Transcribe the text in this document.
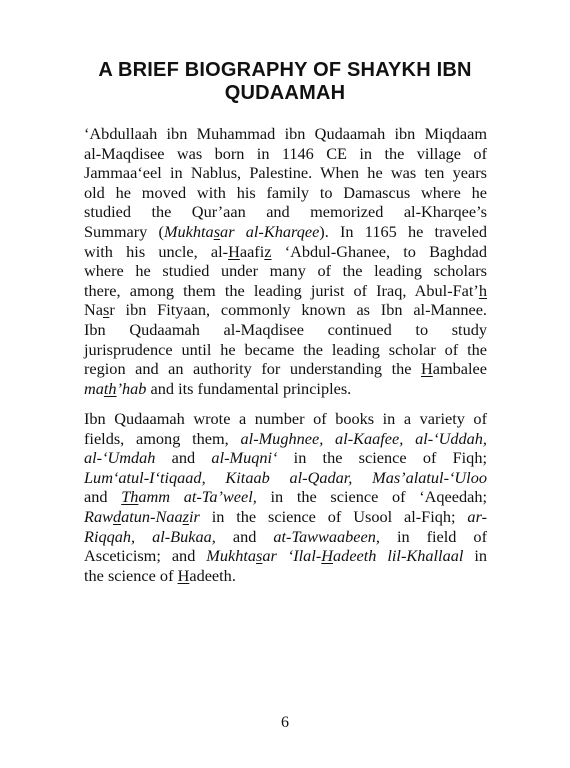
A BRIEF BIOGRAPHY OF SHAYKH IBN QUDAAMAH
‘Abdullaah ibn Muhammad ibn Qudaamah ibn Miqdaam
al-Maqdisee was born in 1146 CE in the village of
Jammaa‘eel in Nablus, Palestine. When he was ten years
old he moved with his family to Damascus where he
studied the Qur’aan and memorized al-Kharqee’s
Summary (Mukhtasar al-Kharqee). In 1165 he traveled
with his uncle, al-Haafiz ‘Abdul-Ghanee, to Baghdad
where he studied under many of the leading scholars
there, among them the leading jurist of Iraq, Abul-Fat’h
Nasr ibn Fityaan, commonly known as Ibn al-Mannee.
Ibn Qudaamah al-Maqdisee continued to study
jurisprudence until he became the leading scholar of the
region and an authority for understanding the Hambalee
math’hab and its fundamental principles.
Ibn Qudaamah wrote a number of books in a variety of
fields, among them, al-Mughnee, al-Kaafee, al-‘Uddah,
al-‘Umdah and al-Muqni‘ in the science of Fiqh;
Lum‘atul-I‘tiqaad, Kitaab al-Qadar, Mas’alatul-‘Uloo
and Thamm at-Ta’weel, in the science of ‘Aqeedah;
Rawdatun-Naazir in the science of Usool al-Fiqh; ar-
Riqqah, al-Bukaa, and at-Tawwaabeen, in field of
Asceticism; and Mukhtasar ‘Ilal-Hadeeth lil-Khallaal in
the science of Hadeeth.
6
